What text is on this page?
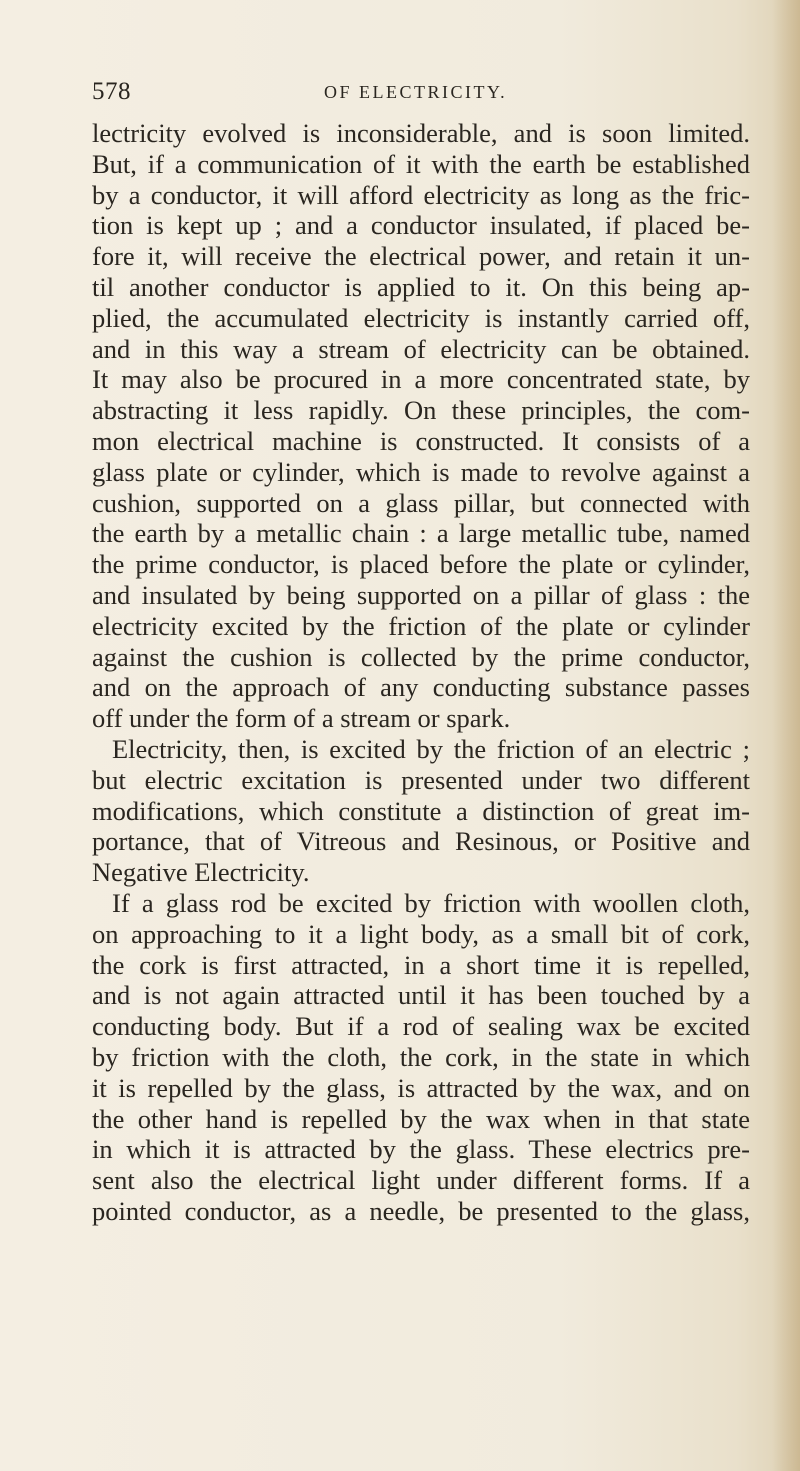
578	OF ELECTRICITY.
lectricity evolved is inconsiderable, and is soon limited.
But, if a communication of it with the earth be established
by a conductor, it will afford electricity as long as the fric-
tion is kept up ; and a conductor insulated, if placed be-
fore it, will receive the electrical power, and retain it un-
til another conductor is applied to it. On this being ap-
plied, the accumulated electricity is instantly carried off,
and in this way a stream of electricity can be obtained.
It may also be procured in a more concentrated state, by
abstracting it less rapidly. On these principles, the com-
mon electrical machine is constructed. It consists of a
glass plate or cylinder, which is made to revolve against a
cushion, supported on a glass pillar, but connected with
the earth by a metallic chain : a large metallic tube, named
the prime conductor, is placed before the plate or cylinder,
and insulated by being supported on a pillar of glass : the
electricity excited by the friction of the plate or cylinder
against the cushion is collected by the prime conductor,
and on the approach of any conducting substance passes
off under the form of a stream or spark.
Electricity, then, is excited by the friction of an electric ;
but electric excitation is presented under two different
modifications, which constitute a distinction of great im-
portance, that of Vitreous and Resinous, or Positive and
Negative Electricity.
If a glass rod be excited by friction with woollen cloth,
on approaching to it a light body, as a small bit of cork,
the cork is first attracted, in a short time it is repelled,
and is not again attracted until it has been touched by a
conducting body. But if a rod of sealing wax be excited
by friction with the cloth, the cork, in the state in which
it is repelled by the glass, is attracted by the wax, and on
the other hand is repelled by the wax when in that state
in which it is attracted by the glass. These electrics pre-
sent also the electrical light under different forms. If a
pointed conductor, as a needle, be presented to the glass,
